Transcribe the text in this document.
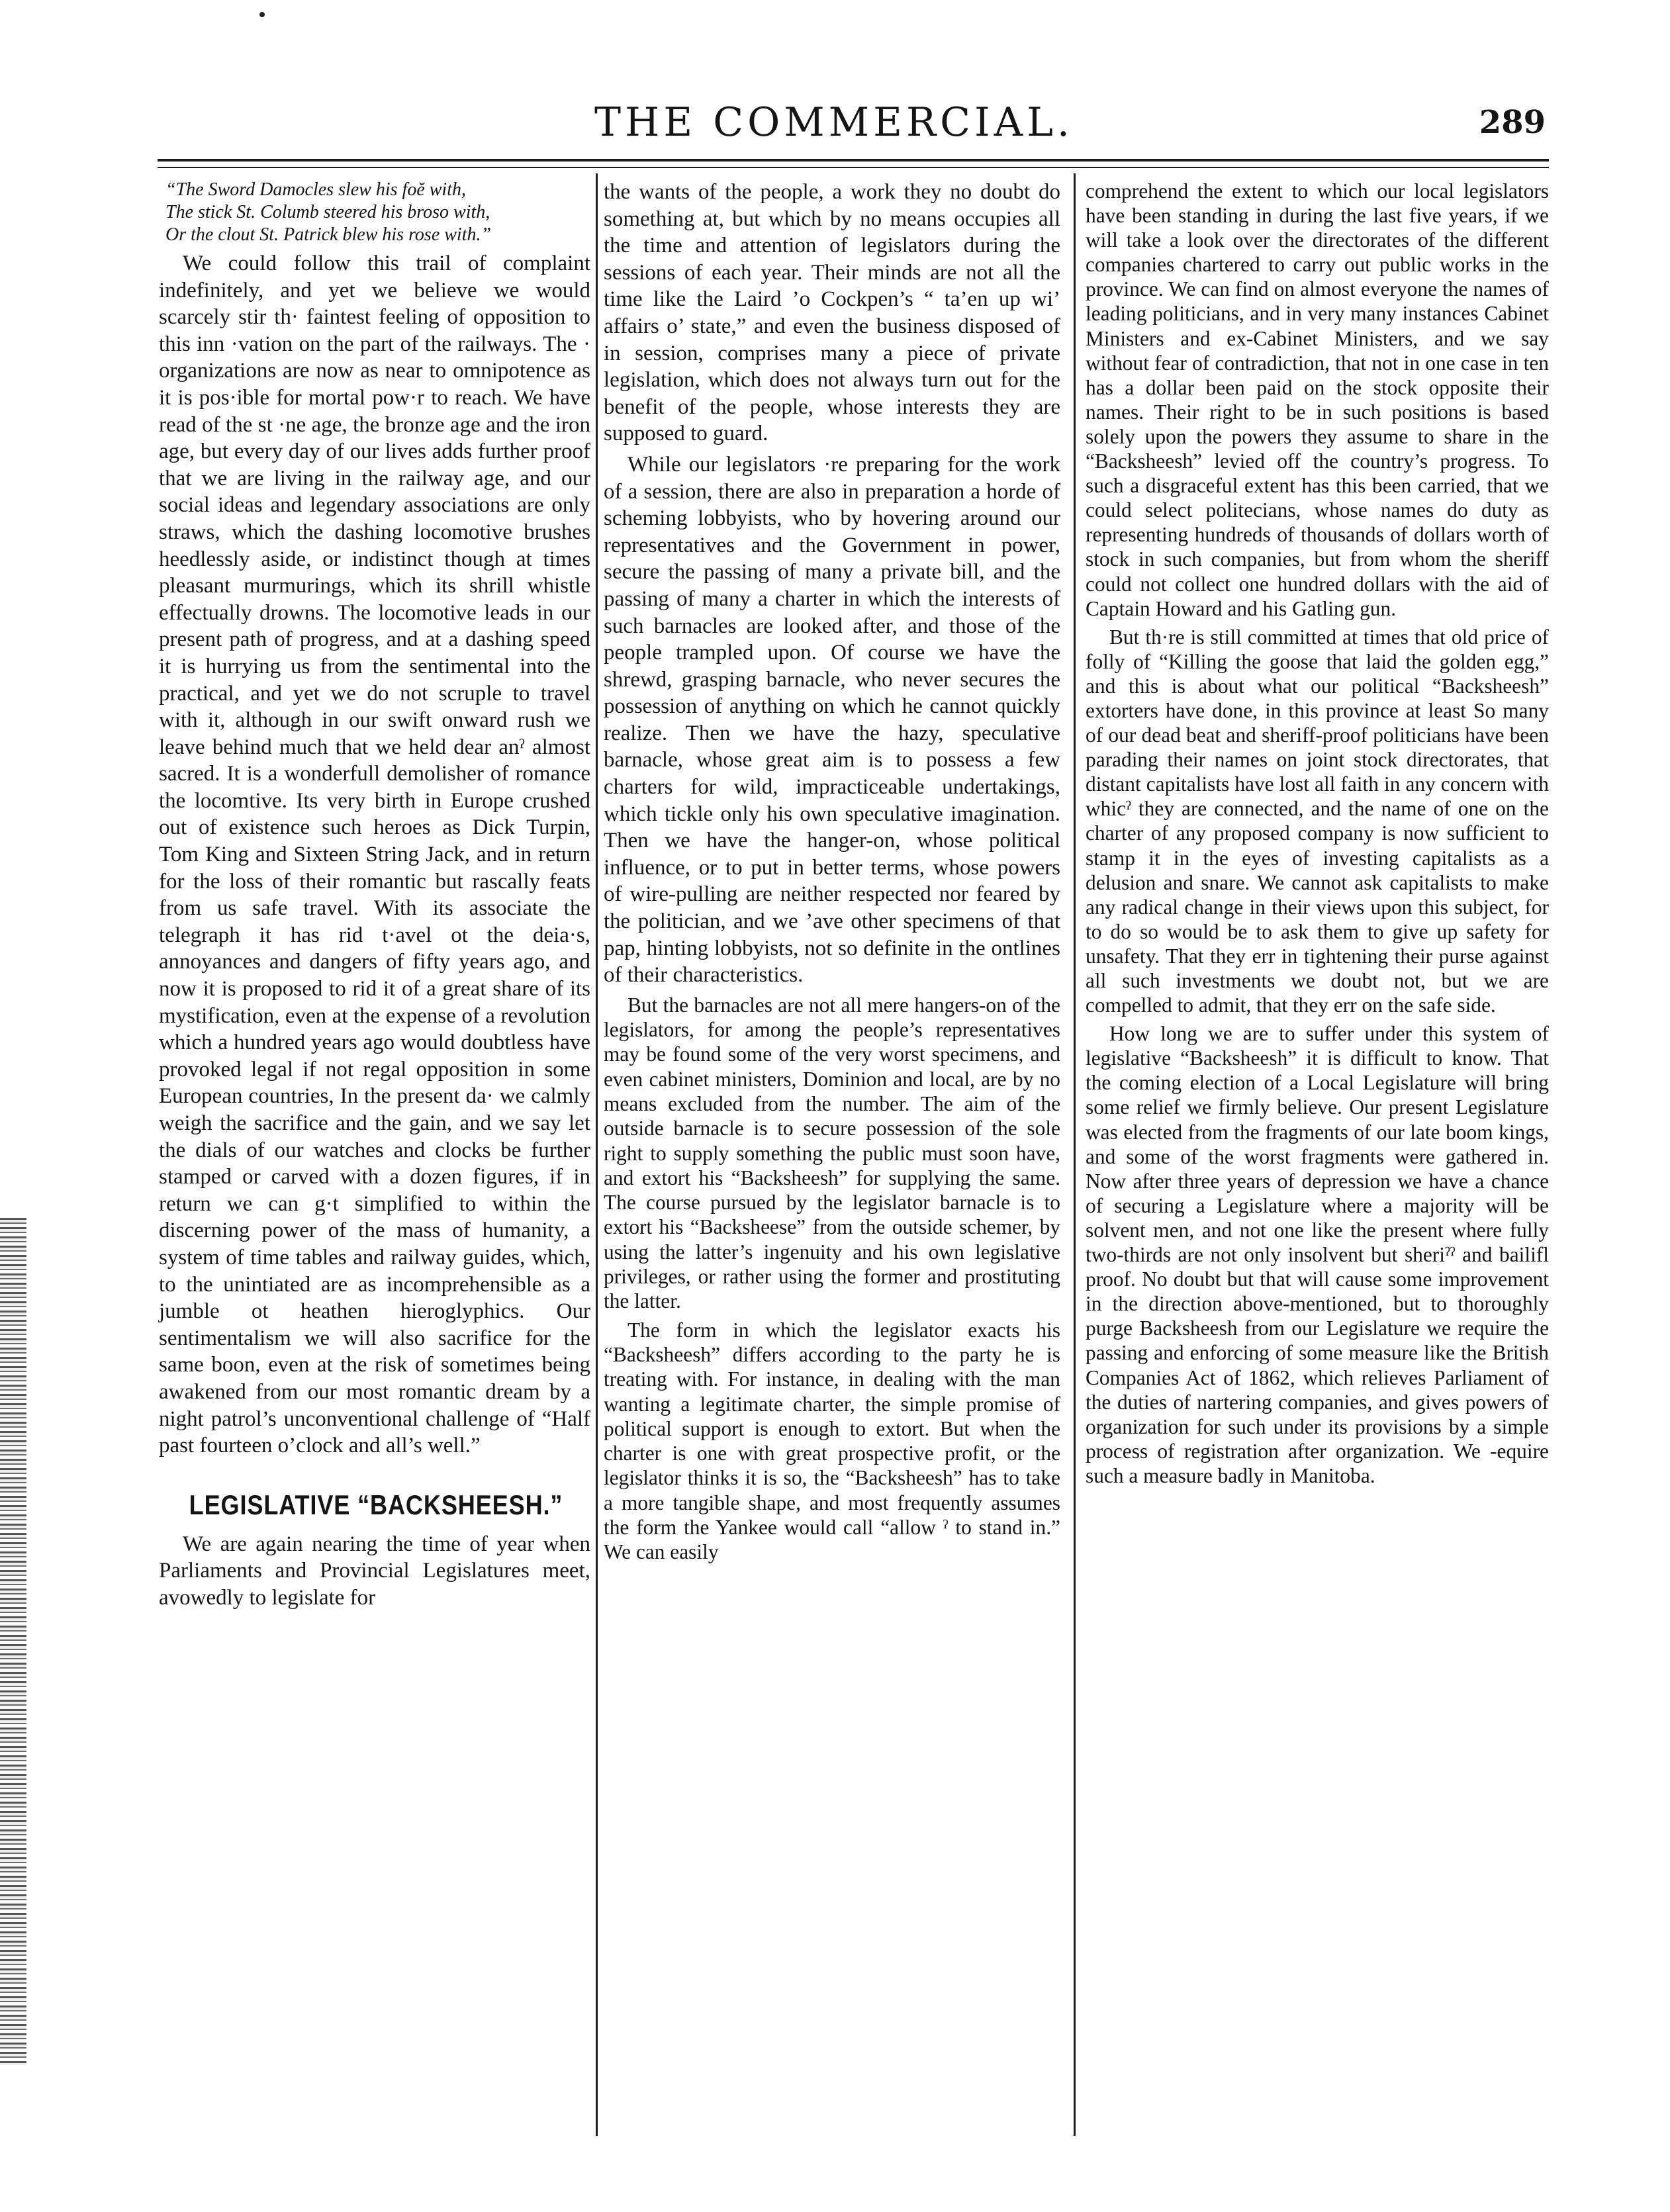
THE COMMERCIAL.	289
“The Sword Damocles slew his foĕ with,
The stick St. Columb steered his broso with,
Or the clout St. Patrick blew his rose with.”

We could follow this trail of complaint indefinitely, and yet we believe we would scarcely stir th· faintest feeling of opposition to this inn ·vation on the part of the railways. The · organizations are now as near to omnipotence as it is pos·ible for mortal pow·r to reach. We have read of the st ·ne age, the bronze age and the iron age, but every day of our lives adds further proof that we are living in the railway age, and our social ideas and legendary associations are only straws, which the dashing locomotive brushes heedlessly aside, or indistinct though at times pleasant murmurings, which its shrill whistle effectually drowns. The locomotive leads in our present path of progress, and at a dashing speed it is hurrying us from the sentimental into the practical, and yet we do not scruple to travel with it, although in our swift onward rush we leave behind much that we held dear anˀ almost sacred. It is a wonderfull demolisher of romance the locomtive. Its very birth in Europe crushed out of existence such heroes as Dick Turpin, Tom King and Sixteen String Jack, and in return for the loss of their romantic but rascally feats from us safe travel. With its associate the telegraph it has rid t·avel ot the deia·s, annoyances and dangers of fifty years ago, and now it is proposed to rid it of a great share of its mystification, even at the expense of a revolution which a hundred years ago would doubtless have provoked legal if not regal opposition in some European countries, In the present da· we calmly weigh the sacrifice and the gain, and we say let the dials of our watches and clocks be further stamped or carved with a dozen figures, if in return we can g·t simplified to within the discerning power of the mass of humanity, a system of time tables and railway guides, which, to the unintiated are as incomprehensible as a jumble ot heathen hieroglyphics. Our sentimentalism we will also sacrifice for the same boon, even at the risk of sometimes being awakened from our most romantic dream by a night patrol’s unconventional challenge of “Half past fourteen o’clock and all’s well.”

LEGISLATIVE “BACKSHEESH.”

We are again nearing the time of year when Parliaments and Provincial Legislatures meet, avowedly to legislate for

the wants of the people, a work they no doubt do something at, but which by no means occupies all the time and attention of legislators during the sessions of each year. Their minds are not all the time like the Laird ’o Cockpen’s “ ta’en up wi’ affairs o’ state,” and even the business disposed of in session, comprises many a piece of private legislation, which does not always turn out for the benefit of the people, whose interests they are supposed to guard.

While our legislators ·re preparing for the work of a session, there are also in preparation a horde of scheming lobbyists, who by hovering around our representatives and the Government in power, secure the passing of many a private bill, and the passing of many a charter in which the interests of such barnacles are looked after, and those of the people trampled upon. Of course we have the shrewd, grasping barnacle, who never secures the possession of anything on which he cannot quickly realize. Then we have the hazy, speculative barnacle, whose great aim is to possess a few charters for wild, impracticeable undertakings, which tickle only his own speculative imagination. Then we have the hanger-on, whose political influence, or to put in better terms, whose powers of wire-pulling are neither respected nor feared by the politician, and we ’ave other specimens of that pap, hinting lobbyists, not so definite in the ontlines of their characteristics.

But the barnacles are not all mere hangers-on of the legislators, for among the people’s representatives may be found some of the very worst specimens, and even cabinet ministers, Dominion and local, are by no means excluded from the number. The aim of the outside barnacle is to secure possession of the sole right to supply something the public must soon have, and extort his “Backsheesh” for supplying the same. The course pursued by the legislator barnacle is to extort his “Backsheese” from the outside schemer, by using the latter’s ingenuity and his own legislative privileges, or rather using the former and prostituting the latter.

The form in which the legislator exacts his “Backsheesh” differs according to the party he is treating with. For instance, in dealing with the man wanting a legitimate charter, the simple promise of political support is enough to extort. But when the charter is one with great prospective profit, or the legislator thinks it is so, the “Backsheesh” has to take a more tangible shape, and most frequently assumes the form the Yankee would call “allow ˀ to stand in.” We can easily

comprehend the extent to which our local legislators have been standing in during the last five years, if we will take a look over the directorates of the different companies chartered to carry out public works in the province. We can find on almost everyone the names of leading politicians, and in very many instances Cabinet Ministers and ex-Cabinet Ministers, and we say without fear of contradiction, that not in one case in ten has a dollar been paid on the stock opposite their names. Their right to be in such positions is based solely upon the powers they assume to share in the “Backsheesh” levied off the country’s progress. To such a disgraceful extent has this been carried, that we could select politecians, whose names do duty as representing hundreds of thousands of dollars worth of stock in such companies, but from whom the sheriff could not collect one hundred dollars with the aid of Captain Howard and his Gatling gun.

But th·re is still committed at times that old price of folly of “Killing the goose that laid the golden egg,” and this is about what our political “Backsheesh” extorters have done, in this province at least So many of our dead beat and sheriff-proof politicians have been parading their names on joint stock directorates, that distant capitalists have lost all faith in any concern with whicˀ they are connected, and the name of one on the charter of any proposed company is now sufficient to stamp it in the eyes of investing capitalists as a delusion and snare. We cannot ask capitalists to make any radical change in their views upon this subject, for to do so would be to ask them to give up safety for unsafety. That they err in tightening their purse against all such investments we doubt not, but we are compelled to admit, that they err on the safe side.

How long we are to suffer under this system of legislative “Backsheesh” it is difficult to know. That the coming election of a Local Legislature will bring some relief we firmly believe. Our present Legislature was elected from the fragments of our late boom kings, and some of the worst fragments were gathered in. Now after three years of depression we have a chance of securing a Legislature where a majority will be solvent men, and not one like the present where fully two-thirds are not only insolvent but sheriˀˀ and bailifl proof. No doubt but that will cause some improvement in the direction above-mentioned, but to thoroughly purge Backsheesh from our Legislature we require the passing and enforcing of some measure like the British Companies Act of 1862, which relieves Parliament of the duties of nartering companies, and gives powers of organization for such under its provisions by a simple process of registration after organization. We -equire such a measure badly in Manitoba.
